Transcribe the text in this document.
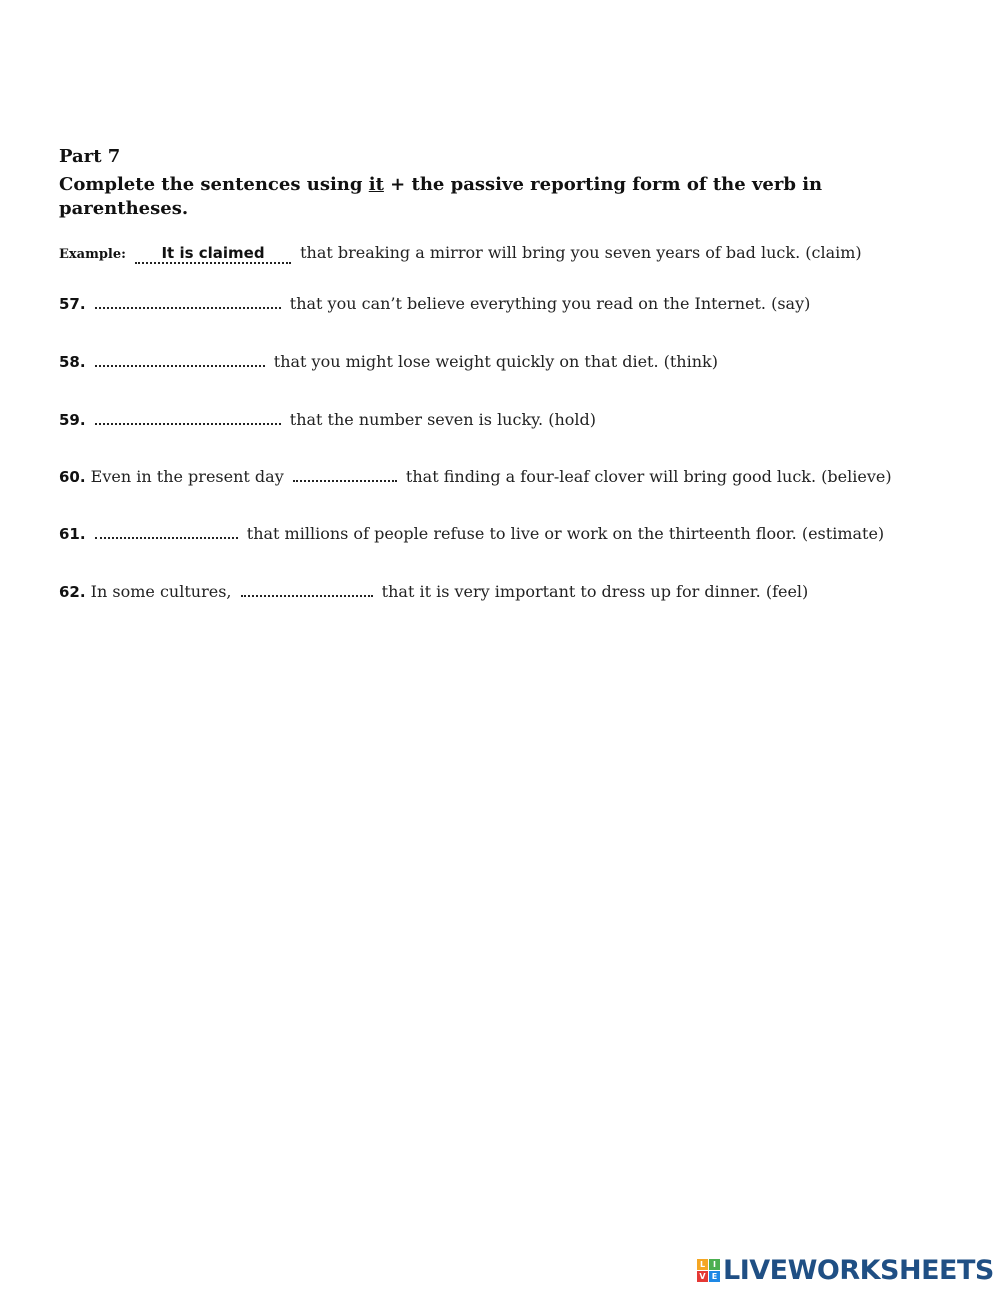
Part 7

Complete the sentences using it + the passive reporting form of the verb in parentheses.

Example: It is claimed that breaking a mirror will bring you seven years of bad luck. (claim)
57.	that you can’t believe everything you read on the Internet. (say)
58.	that you might lose weight quickly on that diet. (think)
59.	that the number seven is lucky. (hold)
60. Even in the present day	that finding a four-leaf clover will bring good luck. (believe)
61.	that millions of people refuse to live or work on the thirteenth floor. (estimate)
62. In some cultures,	that it is very important to dress up for dinner. (feel)
L I
V E LIVEWORKSHEETS
